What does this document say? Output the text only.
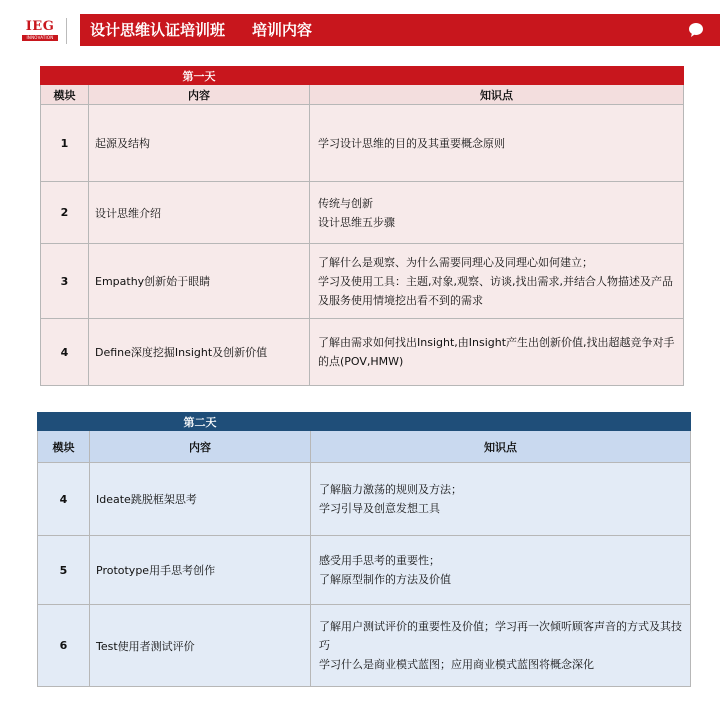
IEG
INNOVATION	设计思维认证培训班 培训内容
	第一天	
模块	内容	知识点
1	起源及结构	学习设计思维的目的及其重要概念原则

2	设计思维介绍	传统与创新
设计思维五步骤

3	Empathy创新始于眼睛	了解什么是观察、为什么需要同理心及同理心如何建立；
学习及使用工具：主题,对象,观察、访谈,找出需求,并结合人物描述及产品及服务使用情境挖出看不到的需求

4	Define深度挖掘Insight及创新价值	了解由需求如何找出Insight,由Insight产生出创新价值,找出超越竞争对手的点(POV,HMW)
	第二天	
模块	内容	知识点
4	Ideate跳脱框架思考	了解脑力激荡的规则及方法；
学习引导及创意发想工具

5	Prototype用手思考创作	感受用手思考的重要性；
了解原型制作的方法及价值

6	Test使用者测试评价	了解用户测试评价的重要性及价值；学习再一次倾听顾客声音的方式及其技巧
学习什么是商业模式蓝图；应用商业模式蓝图将概念深化
